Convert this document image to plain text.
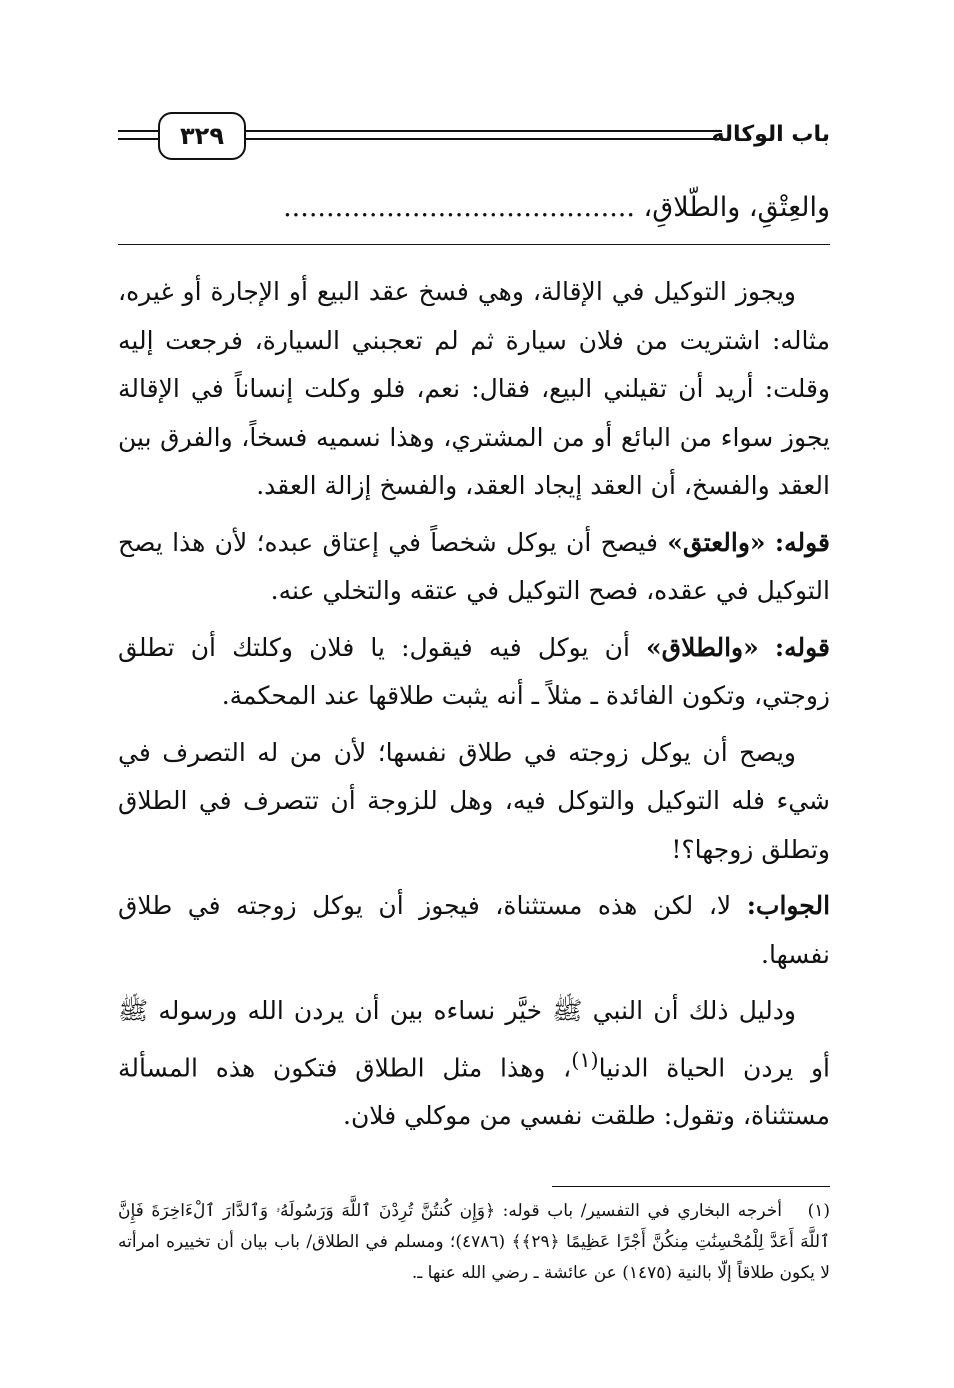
٣٢٩	باب الوكالة
والعِتْقِ، والطَّلاقِ، .........................................

ويجوز التوكيل في الإقالة، وهي فسخ عقد البيع أو الإجارة أو غيره، مثاله: اشتريت من فلان سيارة ثم لم تعجبني السيارة، فرجعت إليه وقلت: أريد أن تقيلني البيع، فقال: نعم، فلو وكلت إنساناً في الإقالة يجوز سواء من البائع أو من المشتري، وهذا نسميه فسخاً، والفرق بين العقد والفسخ، أن العقد إيجاد العقد، والفسخ إزالة العقد.

قوله: «والعتق» فيصح أن يوكل شخصاً في إعتاق عبده؛ لأن هذا يصح التوكيل في عقده، فصح التوكيل في عتقه والتخلي عنه.

قوله: «والطلاق» أن يوكل فيه فيقول: يا فلان وكلتك أن تطلق زوجتي، وتكون الفائدة ـ مثلاً ـ أنه يثبت طلاقها عند المحكمة.

ويصح أن يوكل زوجته في طلاق نفسها؛ لأن من له التصرف في شيء فله التوكيل والتوكل فيه، وهل للزوجة أن تتصرف في الطلاق وتطلق زوجها؟!

الجواب: لا، لكن هذه مستثناة، فيجوز أن يوكل زوجته في طلاق نفسها.

ودليل ذلك أن النبي ﷺ خيَّر نساءه بين أن يردن الله ورسوله ﷺ أو يردن الحياة الدنيا$^{(١)}$، وهذا مثل الطلاق فتكون هذه المسألة مستثناة، وتقول: طلقت نفسي من موكلي فلان.

(١)أخرجه البخاري في التفسير/ باب قوله: ﴿وَإِن كُنتُنَّ تُرِدْنَ ٱللَّهَ وَرَسُولَهُۥ وَٱلدَّارَ ٱلْءَاخِرَةَ فَإِنَّ ٱللَّهَ أَعَدَّ لِلْمُحْسِنَٰتِ مِنكُنَّ أَجْرًا عَظِيمًا ﴿٢٩﴾﴾ (٤٧٨٦)؛ ومسلم في الطلاق/ باب بيان أن تخييره امرأته لا يكون طلاقاً إلّا بالنية (١٤٧٥) عن عائشة ـ رضي الله عنها ـ.
